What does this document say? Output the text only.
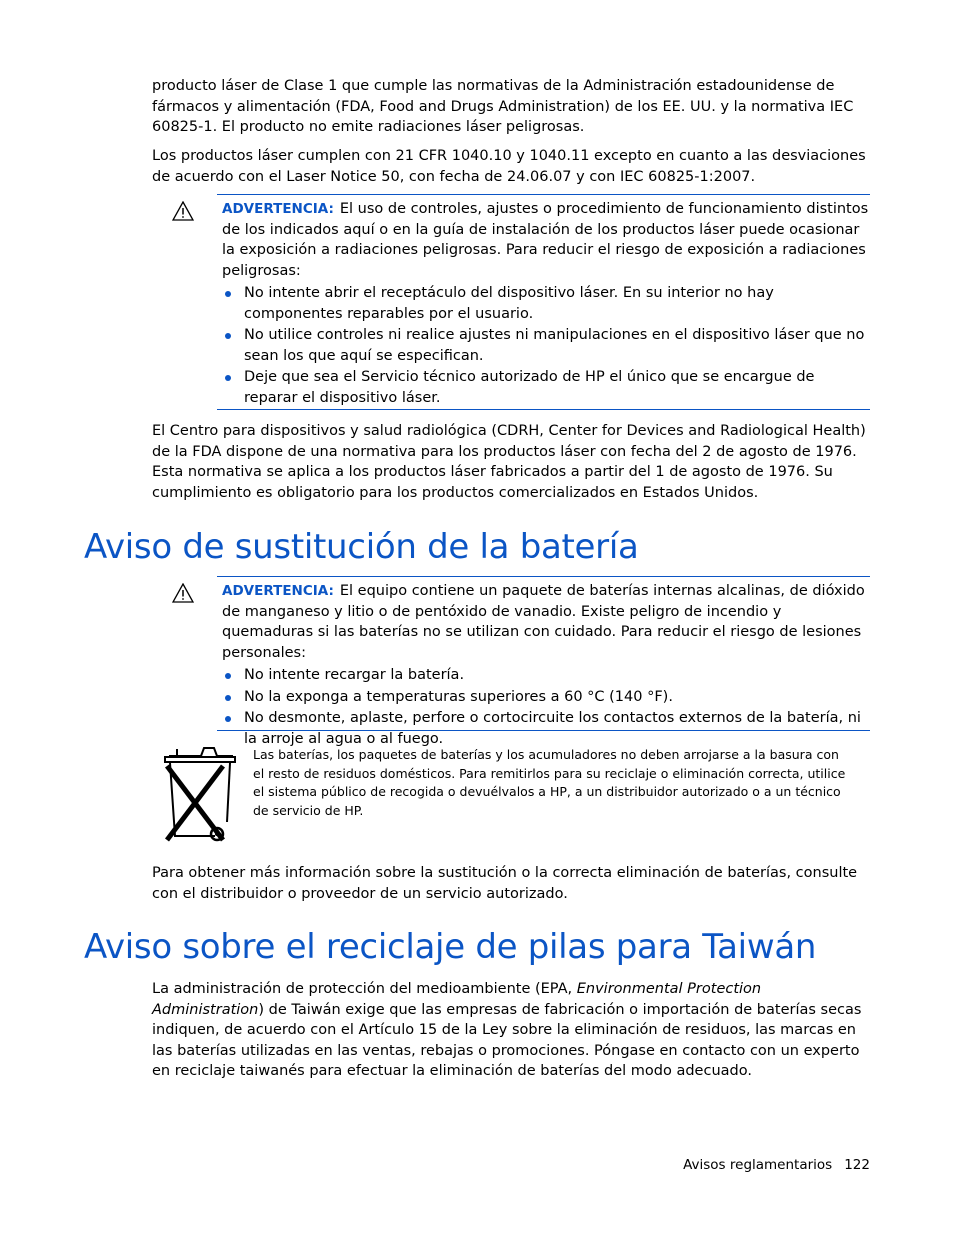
producto láser de Clase 1 que cumple las normativas de la Administración estadounidense de fármacos y alimentación (FDA, Food and Drugs Administration) de los EE. UU. y la normativa IEC 60825-1. El producto no emite radiaciones láser peligrosas.

Los productos láser cumplen con 21 CFR 1040.10 y 1040.11 excepto en cuanto a las desviaciones de acuerdo con el Laser Notice 50, con fecha de 24.06.07 y con IEC 60825-1:2007.

ADVERTENCIA: El uso de controles, ajustes o procedimiento de funcionamiento distintos de los indicados aquí o en la guía de instalación de los productos láser puede ocasionar la exposición a radiaciones peligrosas. Para reducir el riesgo de exposición a radiaciones peligrosas:
No intente abrir el receptáculo del dispositivo láser. En su interior no hay componentes reparables por el usuario.
No utilice controles ni realice ajustes ni manipulaciones en el dispositivo láser que no sean los que aquí se especifican.
Deje que sea el Servicio técnico autorizado de HP el único que se encargue de reparar el dispositivo láser.

El Centro para dispositivos y salud radiológica (CDRH, Center for Devices and Radiological Health) de la FDA dispone de una normativa para los productos láser con fecha del 2 de agosto de 1976. Esta normativa se aplica a los productos láser fabricados a partir del 1 de agosto de 1976. Su cumplimiento es obligatorio para los productos comercializados en Estados Unidos.

Aviso de sustitución de la batería
ADVERTENCIA: El equipo contiene un paquete de baterías internas alcalinas, de dióxido de manganeso y litio o de pentóxido de vanadio. Existe peligro de incendio y quemaduras si las baterías no se utilizan con cuidado. Para reducir el riesgo de lesiones personales:
No intente recargar la batería.
No la exponga a temperaturas superiores a 60 °C (140 °F).
No desmonte, aplaste, perfore o cortocircuite los contactos externos de la batería, ni la arroje al agua o al fuego.

Las baterías, los paquetes de baterías y los acumuladores no deben arrojarse a la basura con el resto de residuos domésticos. Para remitirlos para su reciclaje o eliminación correcta, utilice el sistema público de recogida o devuélvalos a HP, a un distribuidor autorizado o a un técnico de servicio de HP.

Para obtener más información sobre la sustitución o la correcta eliminación de baterías, consulte con el distribuidor o proveedor de un servicio autorizado.

Aviso sobre el reciclaje de pilas para Taiwán

La administración de protección del medioambiente (EPA, Environmental Protection Administration) de Taiwán exige que las empresas de fabricación o importación de baterías secas indiquen, de acuerdo con el Artículo 15 de la Ley sobre la eliminación de residuos, las marcas en las baterías utilizadas en las ventas, rebajas o promociones. Póngase en contacto con un experto en reciclaje taiwanés para efectuar la eliminación de baterías del modo adecuado.

Avisos reglamentarios 122
